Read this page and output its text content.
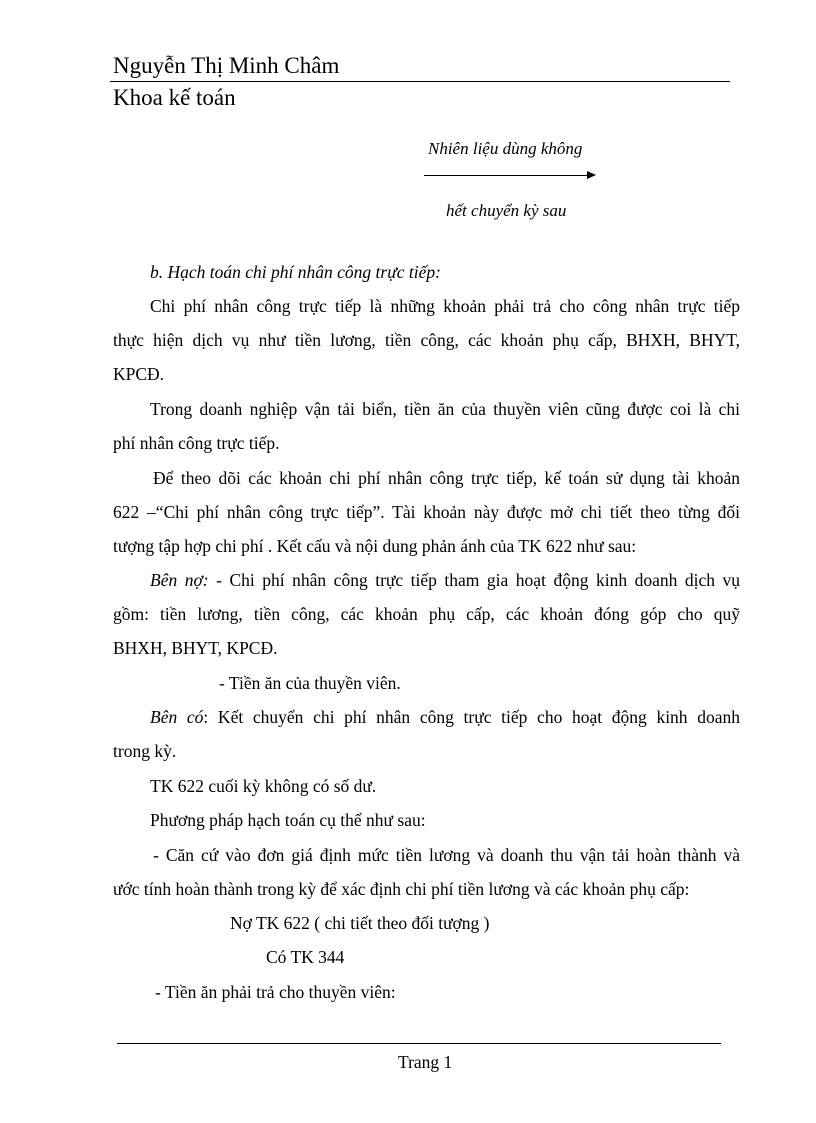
Nguyễn Thị Minh Châm
Khoa kế toán
Nhiên liệu dùng không
hết chuyển kỳ sau
b. Hạch toán chi phí nhân công trực tiếp:
Chi phí nhân công trực tiếp là những khoản phải trả cho công nhân trực tiếp
thực hiện dịch vụ như tiền lương, tiền công, các khoản phụ cấp, BHXH, BHYT,
KPCĐ.
Trong doanh nghiệp vận tải biển, tiền ăn của thuyền viên cũng được coi là chi
phí nhân công trực tiếp.
Để theo dõi các khoản chi phí nhân công trực tiếp, kế toán sử dụng tài khoản
622 –“Chi phí nhân công trực tiếp”. Tài khoản này được mở chi tiết theo từng đối
tượng tập hợp chi phí . Kết cấu và nội dung phản ánh của TK 622 như sau:
Bên nợ: - Chi phí nhân công trực tiếp tham gia hoạt động kinh doanh dịch vụ
gồm: tiền lương, tiền công, các khoản phụ cấp, các khoản đóng góp cho quỹ
BHXH, BHYT, KPCĐ.
- Tiền ăn của thuyền viên.
Bên có: Kết chuyển chi phí nhân công trực tiếp cho hoạt động kinh doanh
trong kỳ.
TK 622 cuối kỳ không có số dư.
Phương pháp hạch toán cụ thể như sau:
- Căn cứ vào đơn giá định mức tiền lương và doanh thu vận tải hoàn thành và
ước tính hoàn thành trong kỳ để xác định chi phí tiền lương và các khoản phụ cấp:
Nợ TK 622 ( chi tiết theo đối tượng )
Có TK 344
- Tiền ăn phải trả cho thuyền viên:
Trang 1
